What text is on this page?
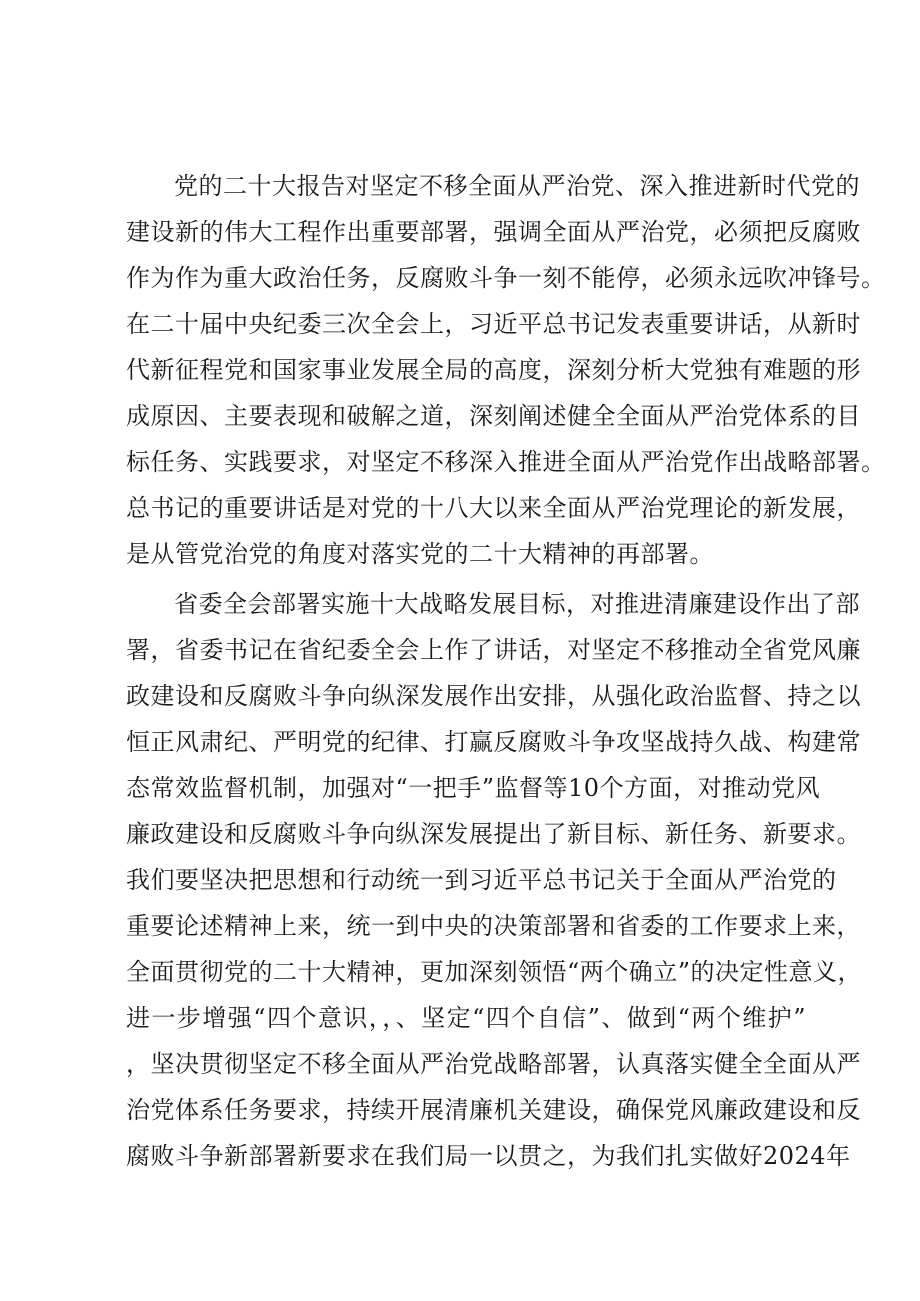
党的二十大报告对坚定不移全面从严治党、深入推进新时代党的
建设新的伟大工程作出重要部署，强调全面从严治党，必须把反腐败
作为作为重大政治任务，反腐败斗争一刻不能停，必须永远吹冲锋号。
在二十届中央纪委三次全会上，习近平总书记发表重要讲话，从新时
代新征程党和国家事业发展全局的高度，深刻分析大党独有难题的形
成原因、主要表现和破解之道，深刻阐述健全全面从严治党体系的目
标任务、实践要求，对坚定不移深入推进全面从严治党作出战略部署。
总书记的重要讲话是对党的十八大以来全面从严治党理论的新发展，
是从管党治党的角度对落实党的二十大精神的再部署。
省委全会部署实施十大战略发展目标，对推进清廉建设作出了部
署，省委书记在省纪委全会上作了讲话，对坚定不移推动全省党风廉
政建设和反腐败斗争向纵深发展作出安排，从强化政治监督、持之以
恒正风肃纪、严明党的纪律、打赢反腐败斗争攻坚战持久战、构建常
态常效监督机制，加强对“一把手”监督等10个方面，对推动党风
廉政建设和反腐败斗争向纵深发展提出了新目标、新任务、新要求。
我们要坚决把思想和行动统一到习近平总书记关于全面从严治党的
重要论述精神上来，统一到中央的决策部署和省委的工作要求上来，
全面贯彻党的二十大精神，更加深刻领悟“两个确立”的决定性意义，
进一步增强“四个意识，，、坚定“四个自信”、做到“两个维护”
，坚决贯彻坚定不移全面从严治党战略部署，认真落实健全全面从严
治党体系任务要求，持续开展清廉机关建设，确保党风廉政建设和反
腐败斗争新部署新要求在我们局一以贯之，为我们扎实做好2024年
